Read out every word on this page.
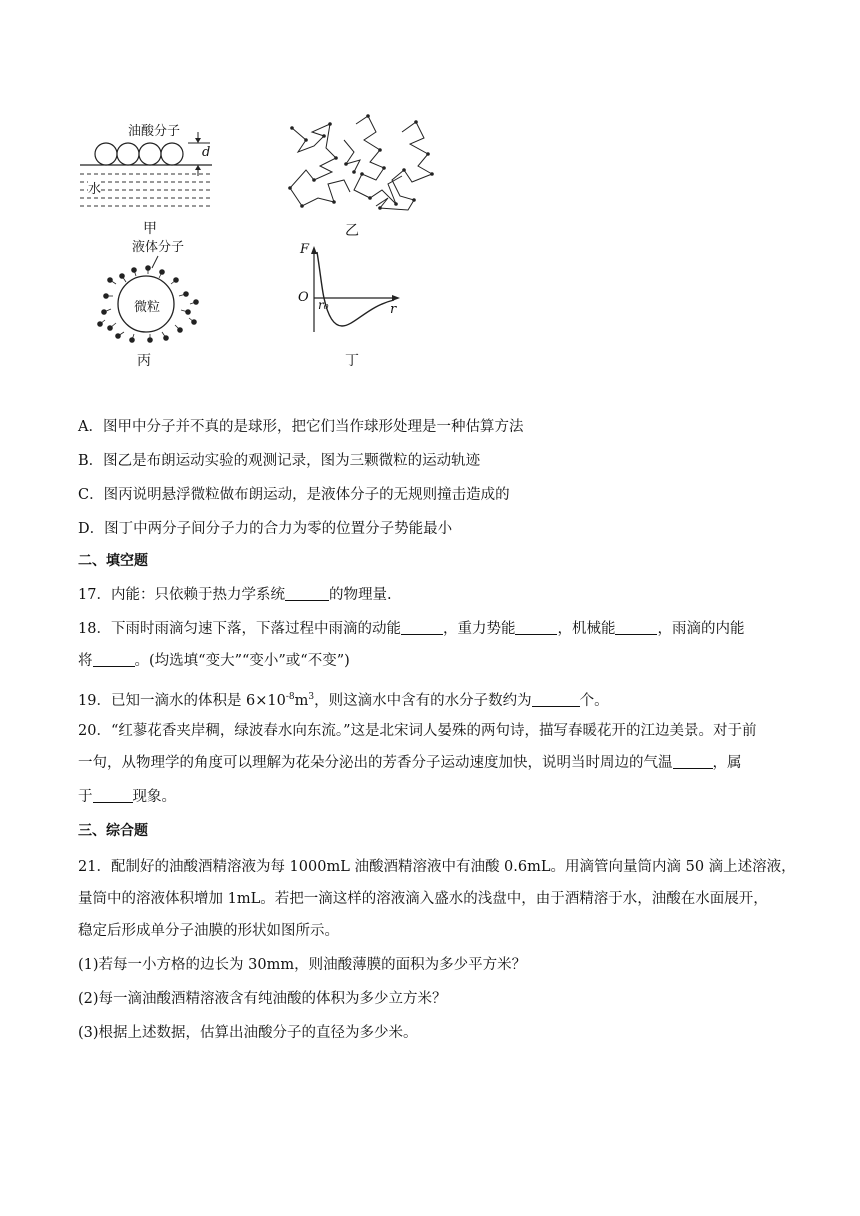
油酸分子
d
水
甲	乙
液体分子
微粒
丙
F
O r₀	r
丁
A．图甲中分子并不真的是球形，把它们当作球形处理是一种估算方法
B．图乙是布朗运动实验的观测记录，图为三颗微粒的运动轨迹
C．图丙说明悬浮微粒做布朗运动，是液体分子的无规则撞击造成的
D．图丁中两分子间分子力的合力为零的位置分子势能最小
二、填空题
17．内能：只依赖于热力学系统	的物理量.
18．下雨时雨滴匀速下落，下落过程中雨滴的动能	，重力势能	，机械能	，雨滴的内能
将	。(均选填“变大”“变小”或“不变”)
19．已知一滴水的体积是 $6\times 10^{-8}m^3$，则这滴水中含有的水分子数约为	个。
20．“红蓼花香夹岸稠，绿波春水向东流。”这是北宋词人晏殊的两句诗，描写春暖花开的江边美景。对于前
一句，从物理学的角度可以理解为花朵分泌出的芳香分子运动速度加快，说明当时周边的气温	，属
于	现象。
三、综合题
21．配制好的油酸酒精溶液为每 1000mL 油酸酒精溶液中有油酸 0.6mL。用滴管向量筒内滴 50 滴上述溶液，
量筒中的溶液体积增加 1mL。若把一滴这样的溶液滴入盛水的浅盘中，由于酒精溶于水，油酸在水面展开，
稳定后形成单分子油膜的形状如图所示。
(1)若每一小方格的边长为 30mm，则油酸薄膜的面积为多少平方米？
(2)每一滴油酸酒精溶液含有纯油酸的体积为多少立方米？
(3)根据上述数据，估算出油酸分子的直径为多少米。
